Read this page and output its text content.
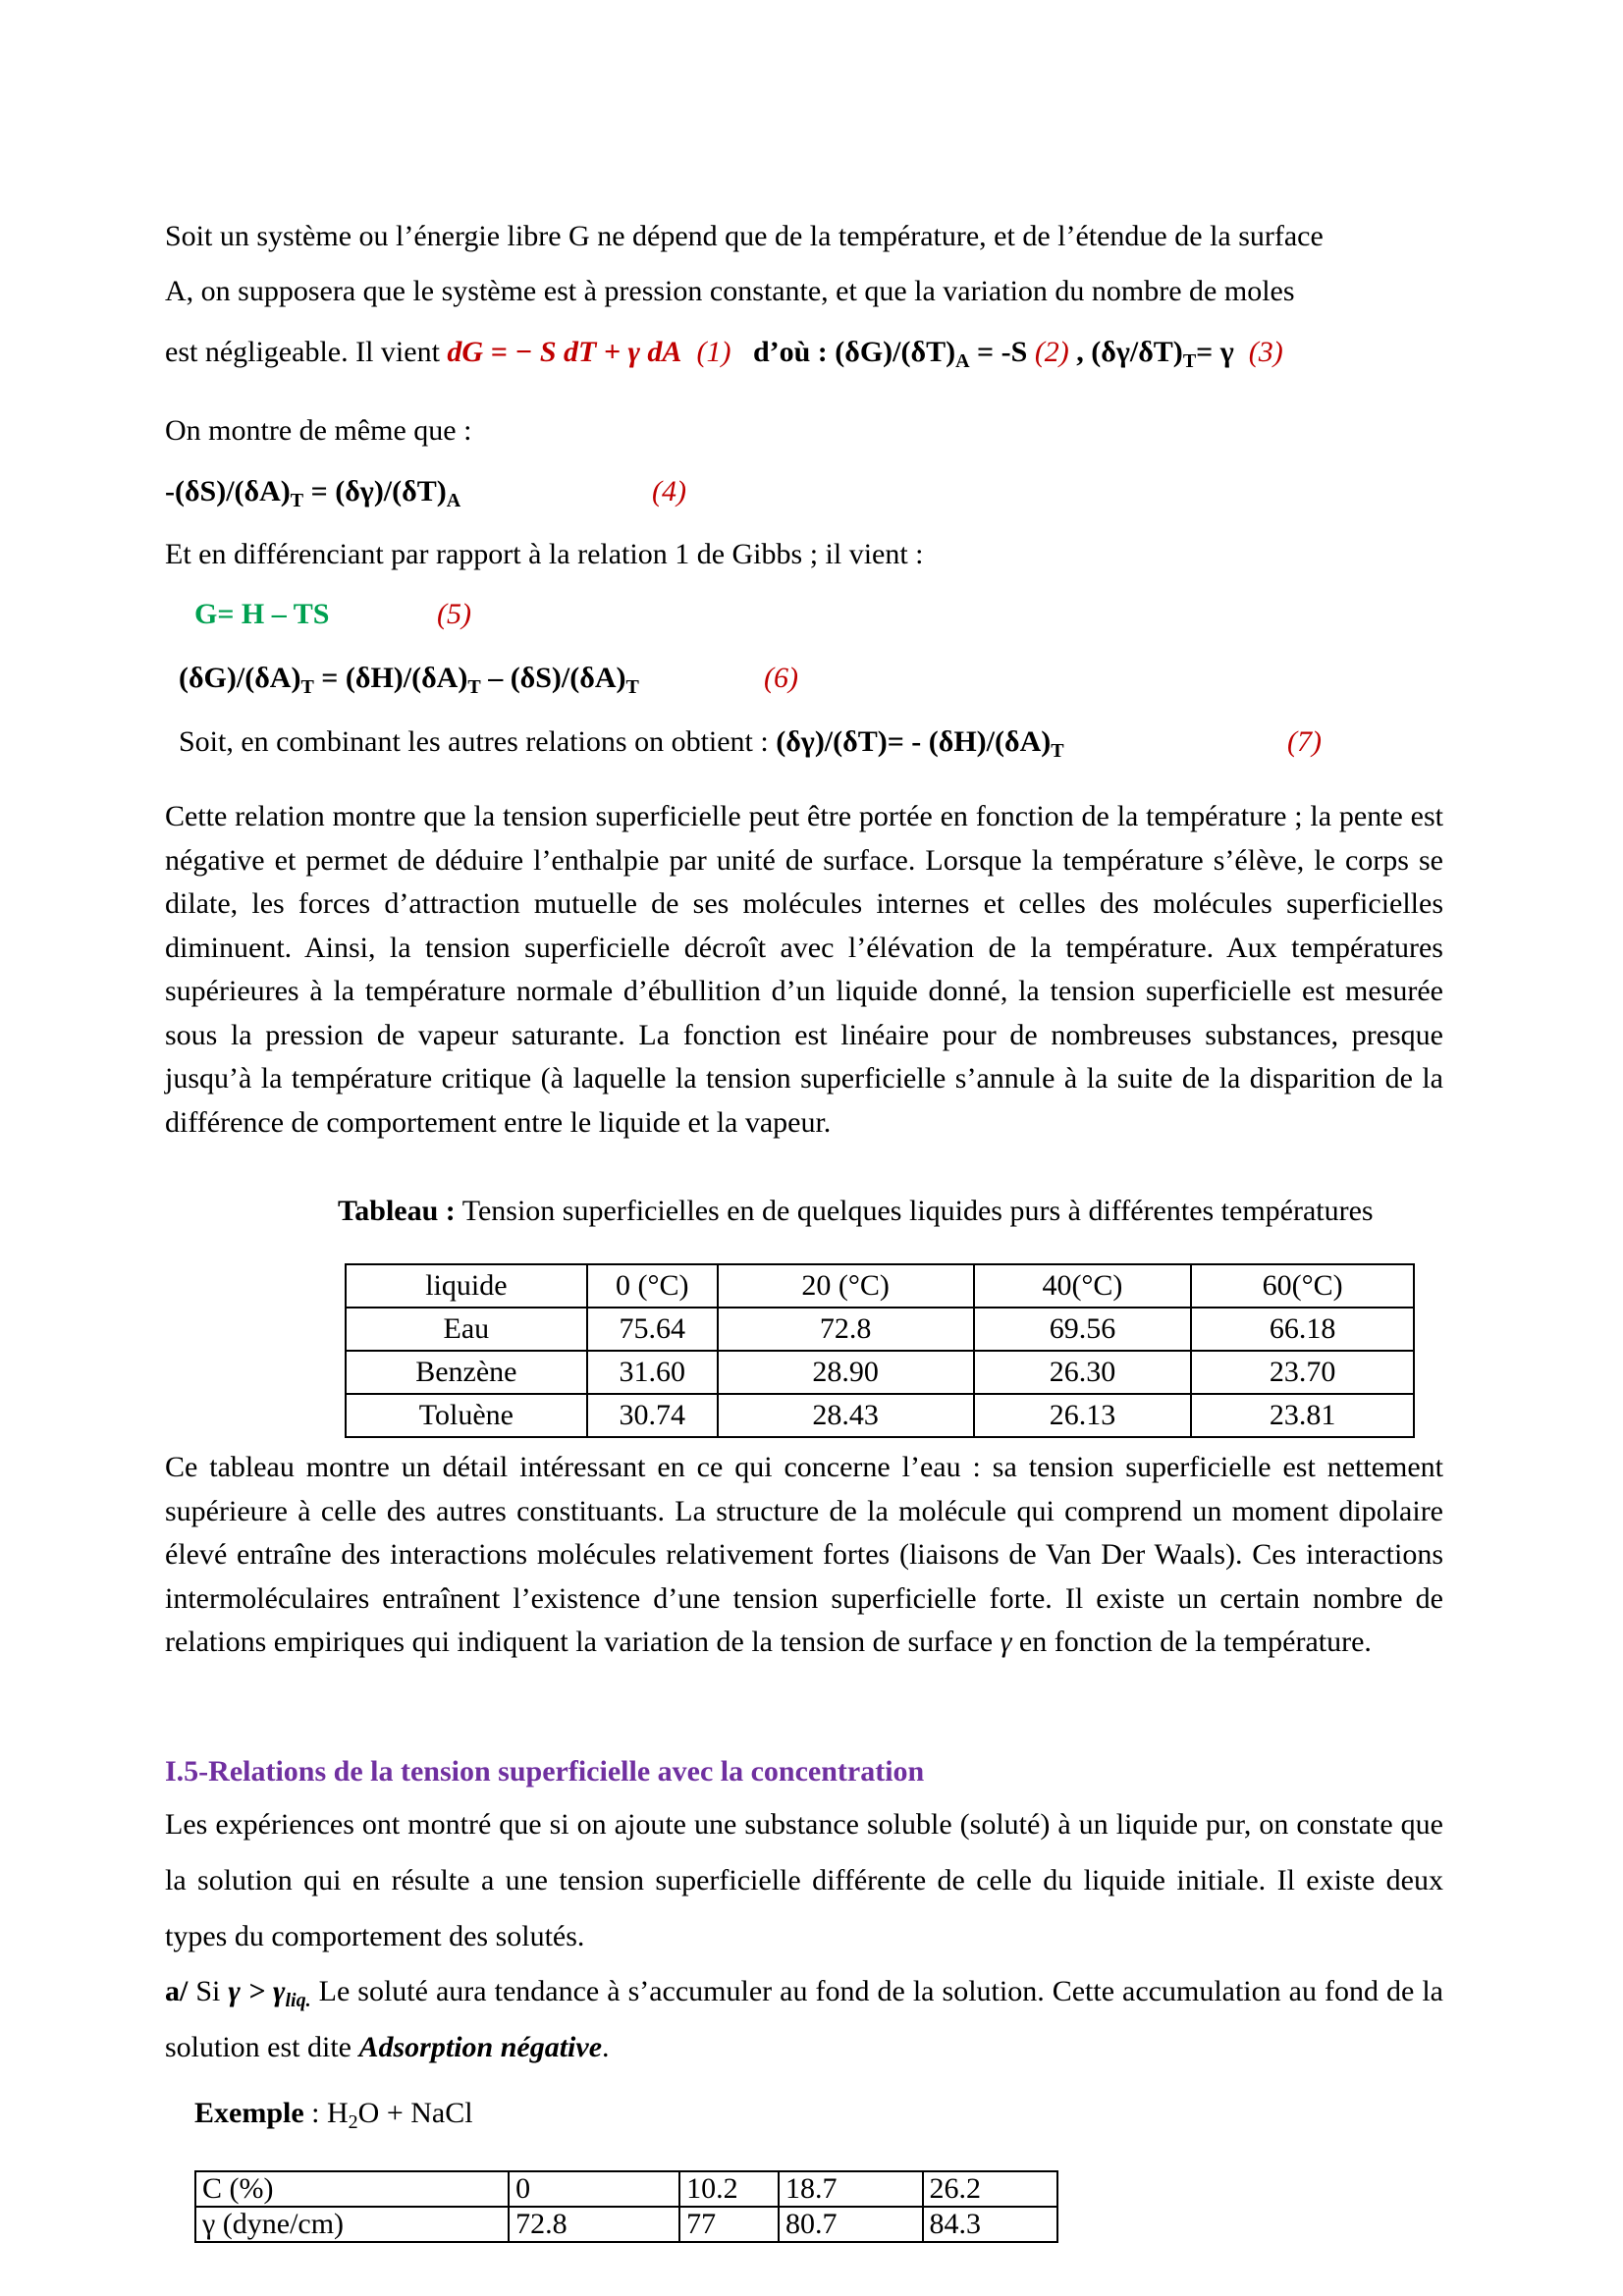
Soit un système ou l’énergie libre G ne dépend que de la température, et de l’étendue de la surface
A, on supposera que le système est à pression constante, et que la variation du nombre de moles
est négligeable. Il vient dG = − S dT + γ dA (1) d’où : $(\delta G)/(\delta T)_A = -S$ (2) , $(\delta\gamma/\delta T)_T= \gamma$ (3)
On montre de même que :
$-(\delta S)/(\delta A)_T = (\delta\gamma)/(\delta T)_A$	(4)
Et en différenciant par rapport à la relation 1 de Gibbs ; il vient :
G= H – TS	(5)
$(\delta G)/(\delta A)_T = (\delta H)/(\delta A)_T - (\delta S)/(\delta A)_T$	(6)
Soit, en combinant les autres relations on obtient : $(\delta\gamma)/(\delta T)= - (\delta H)/(\delta A)_T$	(7)

Cette relation montre que la tension superficielle peut être portée en fonction de la température ; la pente est négative et permet de déduire l’enthalpie par unité de surface. Lorsque la température s’élève, le corps se dilate, les forces d’attraction mutuelle de ses molécules internes et celles des molécules superficielles diminuent. Ainsi, la tension superficielle décroît avec l’élévation de la température. Aux températures supérieures à la température normale d’ébullition d’un liquide donné, la tension superficielle est mesurée sous la pression de vapeur saturante. La fonction est linéaire pour de nombreuses substances, presque jusqu’à la température critique (à laquelle la tension superficielle s’annule à la suite de la disparition de la différence de comportement entre le liquide et la vapeur.

Tableau : Tension superficielles en de quelques liquides purs à différentes températures
liquide	0 (°C)	20 (°C)	40(°C)	60(°C)
Eau	75.64	72.8	69.56	66.18
Benzène	31.60	28.90	26.30	23.70
Toluène	30.74	28.43	26.13	23.81

Ce tableau montre un détail intéressant en ce qui concerne l’eau : sa tension superficielle est nettement supérieure à celle des autres constituants. La structure de la molécule qui comprend un moment dipolaire élevé entraîne des interactions molécules relativement fortes (liaisons de Van Der Waals). Ces interactions intermoléculaires entraînent l’existence d’une tension superficielle forte. Il existe un certain nombre de relations empiriques qui indiquent la variation de la tension de surface γ en fonction de la température.

I.5-Relations de la tension superficielle avec la concentration

Les expériences ont montré que si on ajoute une substance soluble (soluté) à un liquide pur, on constate que la solution qui en résulte a une tension superficielle différente de celle du liquide initiale. Il existe deux types du comportement des solutés.

a/ Si $\gamma > \gamma_{liq.}$ Le soluté aura tendance à s’accumuler au fond de la solution. Cette accumulation au fond de la solution est dite Adsorption négative.

Exemple : $H_2O$ + NaCl
C (%)	0	10.2	18.7	26.2
γ (dyne/cm)	72.8	77	80.7	84.3
